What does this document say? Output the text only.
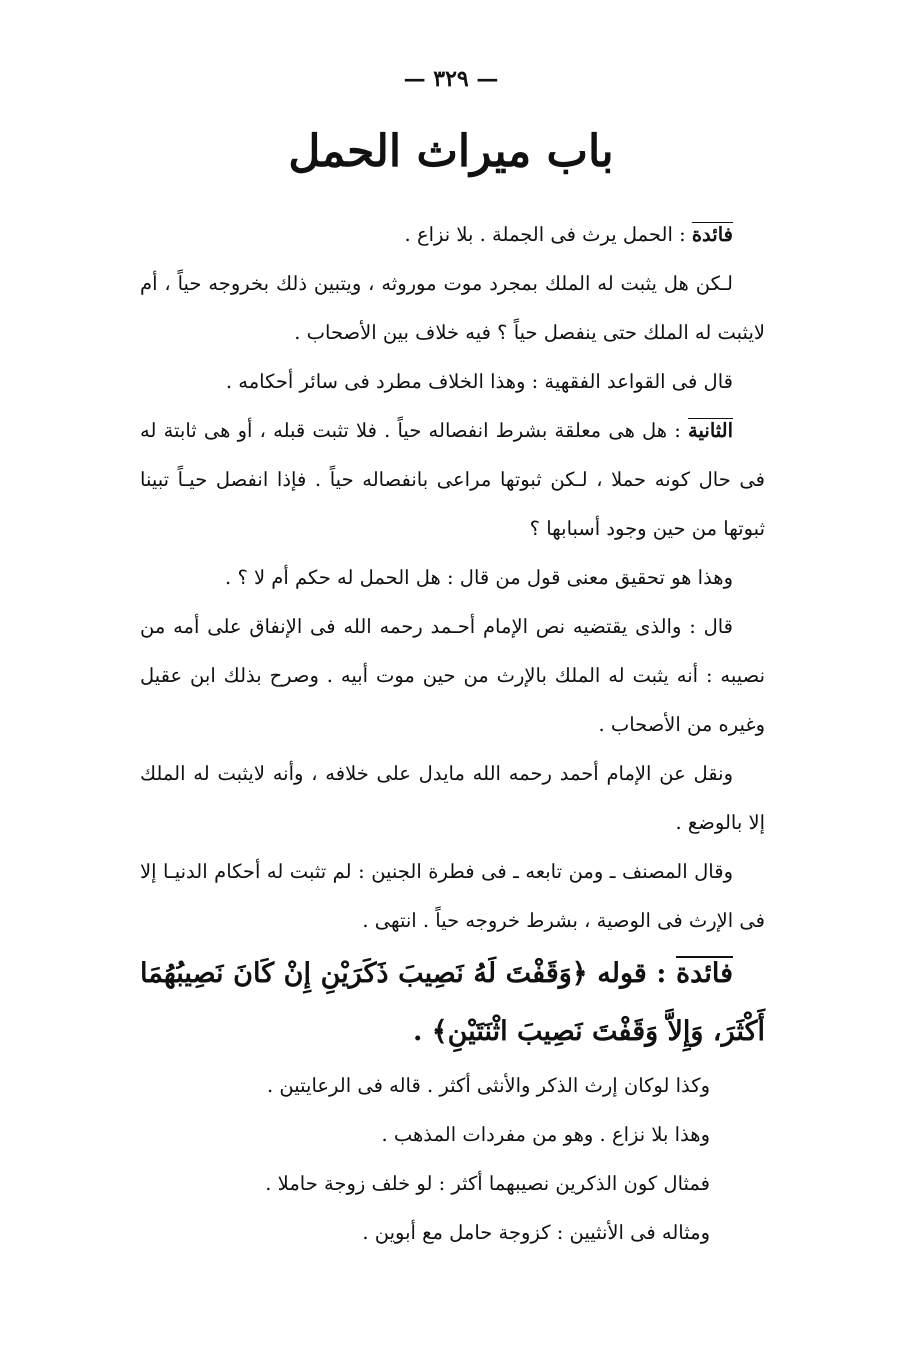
— ٣٢٩ —
باب ميراث الحمل

فائدة : الحمل يرث فى الجملة . بلا نزاع .

لـكن هل يثبت له الملك بمجرد موت موروثه ، ويتبين ذلك بخروجه حياً ، أم لايثبت له الملك حتى ينفصل حياً ؟ فيه خلاف بين الأصحاب .

قال فى القواعد الفقهية : وهذا الخلاف مطرد فى سائر أحكامه .

الثانية : هل هى معلقة بشرط انفصاله حياً . فلا تثبت قبله ، أو هى ثابتة له فى حال كونه حملا ، لـكن ثبوتها مراعى بانفصاله حياً . فإذا انفصل حيـاً تبينا ثبوتها من حين وجود أسبابها ؟

وهذا هو تحقيق معنى قول من قال : هل الحمل له حكم أم لا ؟ .

قال : والذى يقتضيه نص الإمام أحـمد رحمه الله فى الإنفاق على أمه من نصيبه : أنه يثبت له الملك بالإرث من حين موت أبيه . وصرح بذلك ابن عقيل وغيره من الأصحاب .

ونقل عن الإمام أحمد رحمه الله مايدل على خلافه ، وأنه لايثبت له الملك إلا بالوضع .

وقال المصنف ـ ومن تابعه ـ فى فطرة الجنين : لم تثبت له أحكام الدنيـا إلا فى الإرث فى الوصية ، بشرط خروجه حياً . انتهى .

فائدة : قوله ﴿وَقَفْتَ لَهُ نَصِيبَ ذَكَرَيْنِ إِنْ كَانَ نَصِيبُهُمَا أَكْثَرَ، وَإِلاَّ وَقَفْتَ نَصِيبَ اثْنَتَيْنِ﴾ .

وكذا لوكان إرث الذكر والأنثى أكثر . قاله فى الرعايتين .

وهذا بلا نزاع . وهو من مفردات المذهب .

فمثال كون الذكرين نصيبهما أكثر : لو خلف زوجة حاملا .

ومثاله فى الأنثيين : كزوجة حامل مع أبوين .
